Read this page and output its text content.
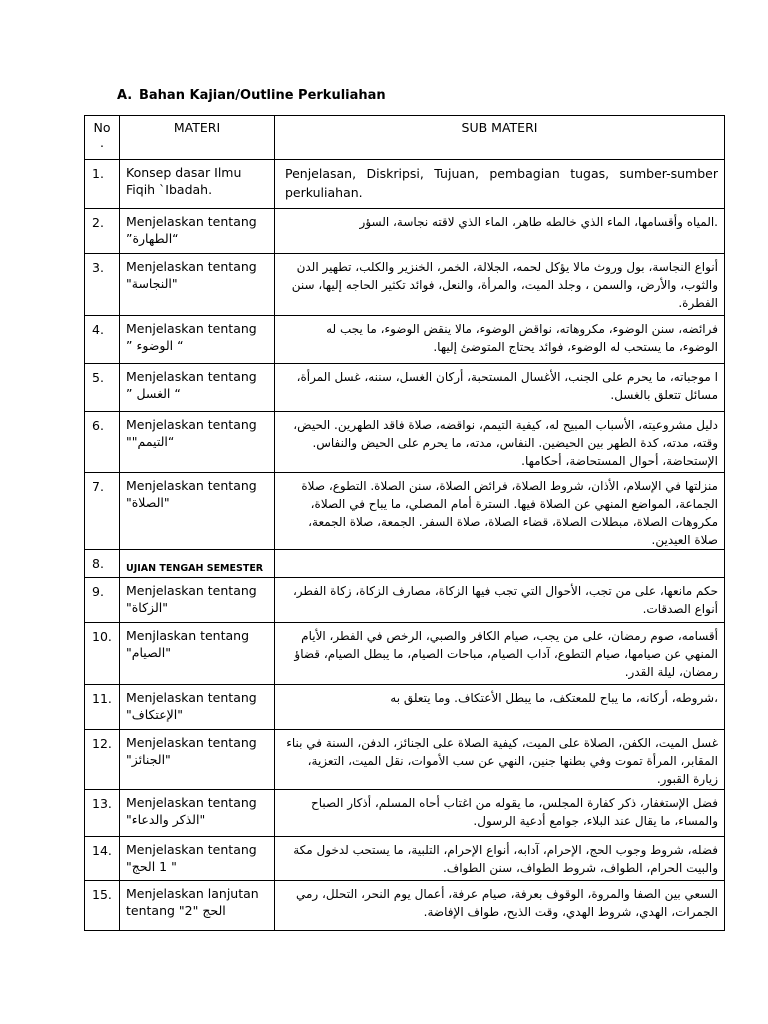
A. Bahan Kajian/Outline Perkuliahan
No .	MATERI	SUB MATERI
1.	Konsep dasar Ilmu
Fiqih `Ibadah.	Penjelasan, Diskripsi, Tujuan, pembagian tugas, sumber-sumber perkuliahan.

2.	Menjelaskan tentang
“الطهارة”	.المياه وأقسامها، الماء الذي خالطه طاهر، الماء الذي لاقته نجاسة، السؤر

3.	Menjelaskan tentang
"النجاسة"	أنواع النجاسة، بول وروث مالا يؤكل لحمه، الجلالة، الخمر، الخنزير والكلب، تطهير الدن والثوب، والأرض، والسمن ، وجلد الميت، والمرأة، والنعل، فوائد تكثير الحاجه إليها، سنن الفطرة.

4.	Menjelaskan tentang
“ الوضوء ”	فرائضه، سنن الوضوء، مكروهاته، نواقض الوضوء، مالا ينقض الوضوء، ما يجب له الوضوء، ما يستحب له الوضوء، فوائد يحتاج المتوضئ إليها.

5.	Menjelaskan tentang
“ الغسل ”	ا موجباته، ما يحرم على الجنب، الأغسال المستحبة، أركان الغسل، سننه، غسل المرأة، مسائل تتعلق بالغسل.

6.	Menjelaskan tentang
“التيمم""	دليل مشروعيته، الأسباب المبيح له، كيفية التيمم، نواقضه، صلاة فاقد الطهرين. الحيض، وقته، مدته، كدة الطهر بين الحيضين. النفاس، مدته، ما يحرم على الحيض والنفاس. الإستحاضة، أحوال المستحاضة، أحكامها.

7.	Menjelaskan tentang
"الصلاة"	منزلتها في الإسلام، الأذان، شروط الصلاة، فرائض الصلاة، سنن الصلاة. التطوع، صلاة الجماعة، المواضع المنهي عن الصلاة فيها. السترة أمام المصلي، ما يباح في الصلاة، مكروهات الصلاة، مبطلات الصلاة، قضاء الصلاة، صلاة السفر. الجمعة، صلاة الجمعة، صلاة العيدين.

8.	UJIAN TENGAH SEMESTER	

9.	Menjelaskan tentang
"الزكاة"	حكم مانعها، على من تجب، الأحوال التي تجب فيها الزكاة، مصارف الزكاة، زكاة الفطر، أنواع الصدقات.

10.	Menjlaskan tentang
"الصيام"	أقسامه، صوم رمضان، على من يجب، صيام الكافر والصبي، الرخص في الفطر، الأيام المنهي عن صيامها، صيام التطوع، آداب الصيام، مباحات الصيام، ما يبطل الصيام، قضاؤ رمضان، ليلة القدر.

11.	Menjelaskan tentang
"الإعتكاف"	،شروطه، أركانه، ما يباح للمعتكف، ما يبطل الأعتكاف. وما يتعلق به

12.	Menjelaskan tentang
"الجنائز"	غسل الميت، الكفن، الصلاة على الميت، كيفية الصلاة على الجنائز، الدفن، السنة في بناء المقابر، المرأة تموت وفي بطنها جنين، النهي عن سب الأموات، نقل الميت، التعزية، زيارة القبور.

13.	Menjelaskan tentang
"الذكر والدعاء"	فضل الإستغفار، ذكر كفارة المجلس، ما يقوله من اغتاب أحاه المسلم، أذكار الصباح والمساء، ما يقال عند البلاء، جوامع أدعية الرسول.

14.	Menjelaskan tentang
" 1 الحج"	فضله، شروط وجوب الحج، الإحرام، آدابه، أنواع الإحرام، التلبية، ما يستحب لدخول مكة والبيت الحرام، الطواف، شروط الطواف، سنن الطواف.

15.	Menjelaskan lanjutan
tentang "2" الحج	السعي بين الصفا والمروة، الوقوف بعرفة، صيام عرفة، أعمال يوم النحر، التحلل، رمي الجمرات، الهدي، شروط الهدي، وقت الذبح، طواف الإفاضة.
